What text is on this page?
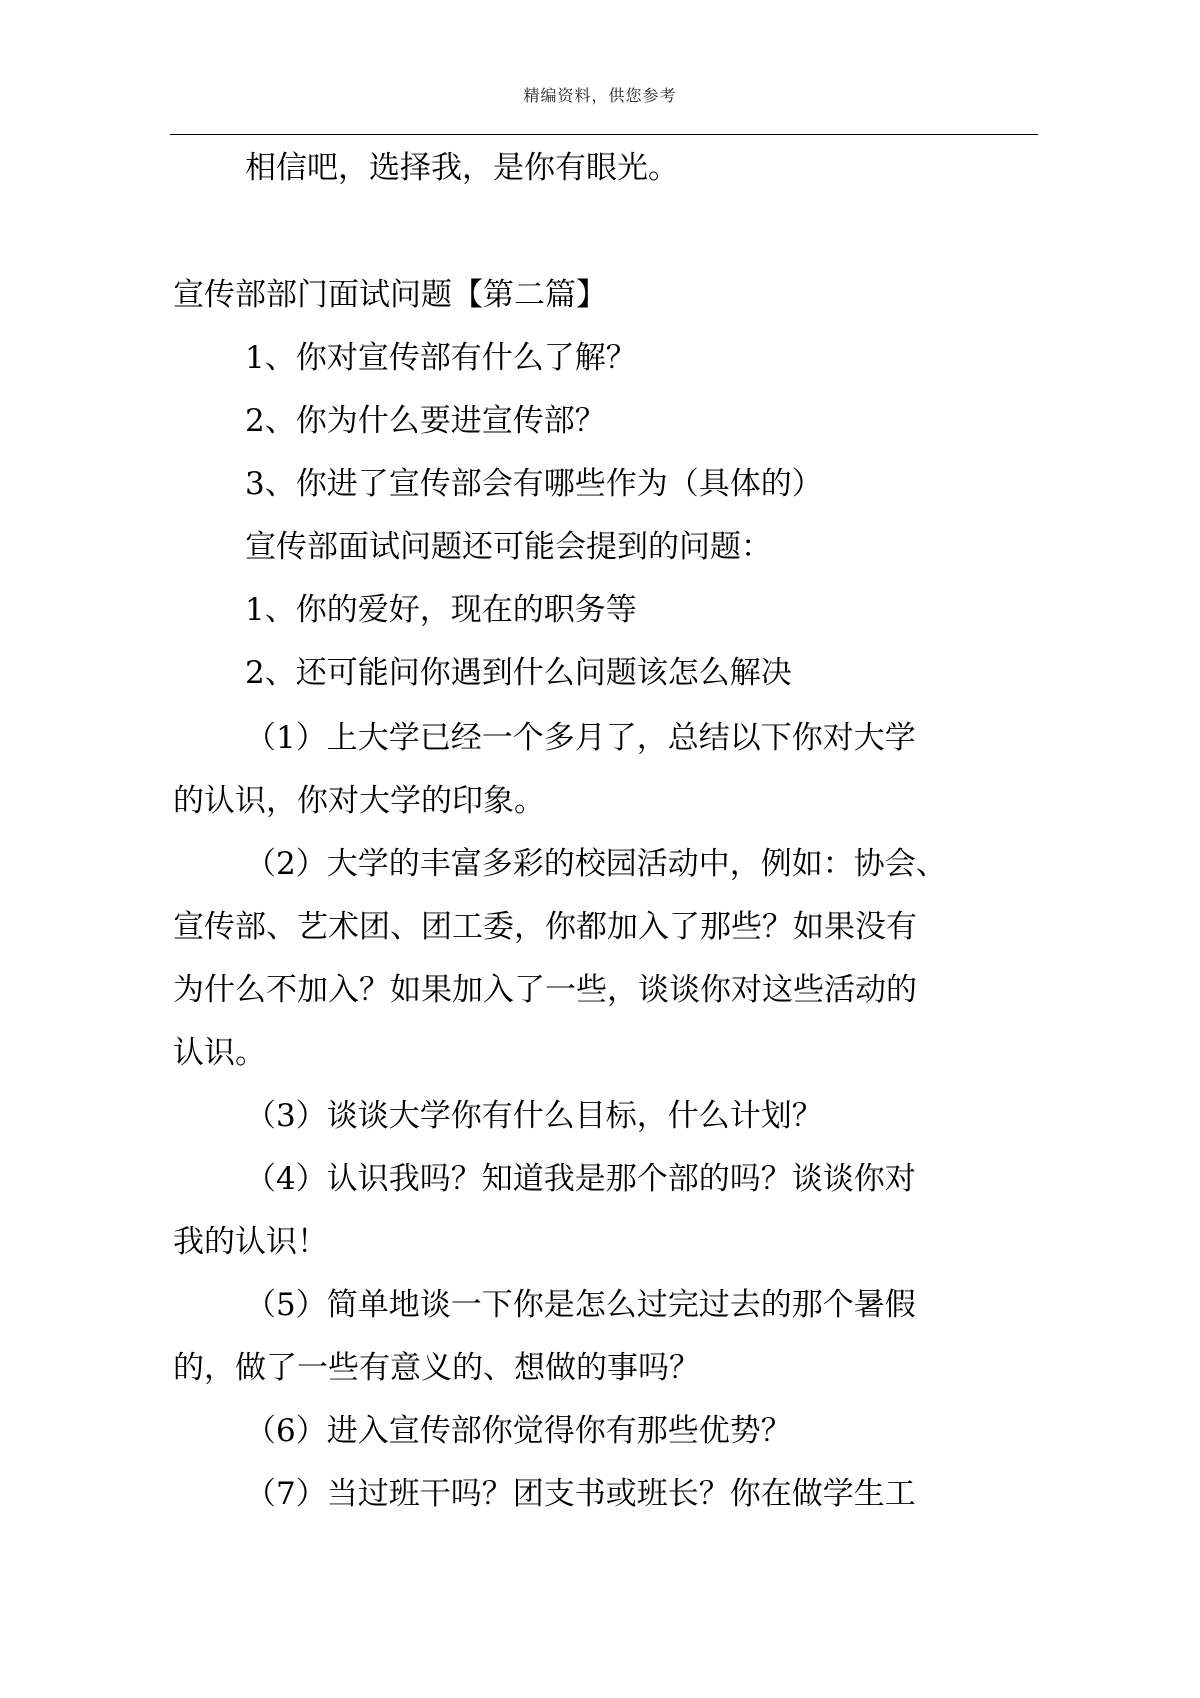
精编资料，供您参考
相信吧，选择我，是你有眼光。
宣传部部门面试问题【第二篇】
1、你对宣传部有什么了解？
2、你为什么要进宣传部？
3、你进了宣传部会有哪些作为（具体的）
宣传部面试问题还可能会提到的问题：
1、你的爱好，现在的职务等
2、还可能问你遇到什么问题该怎么解决
（1）上大学已经一个多月了，总结以下你对大学
的认识，你对大学的印象。
（2）大学的丰富多彩的校园活动中，例如：协会、
宣传部、艺术团、团工委，你都加入了那些？如果没有
为什么不加入？如果加入了一些，谈谈你对这些活动的
认识。
（3）谈谈大学你有什么目标，什么计划？
（4）认识我吗？知道我是那个部的吗？谈谈你对
我的认识！
（5）简单地谈一下你是怎么过完过去的那个暑假
的，做了一些有意义的、想做的事吗？
（6）进入宣传部你觉得你有那些优势？
（7）当过班干吗？团支书或班长？你在做学生工
